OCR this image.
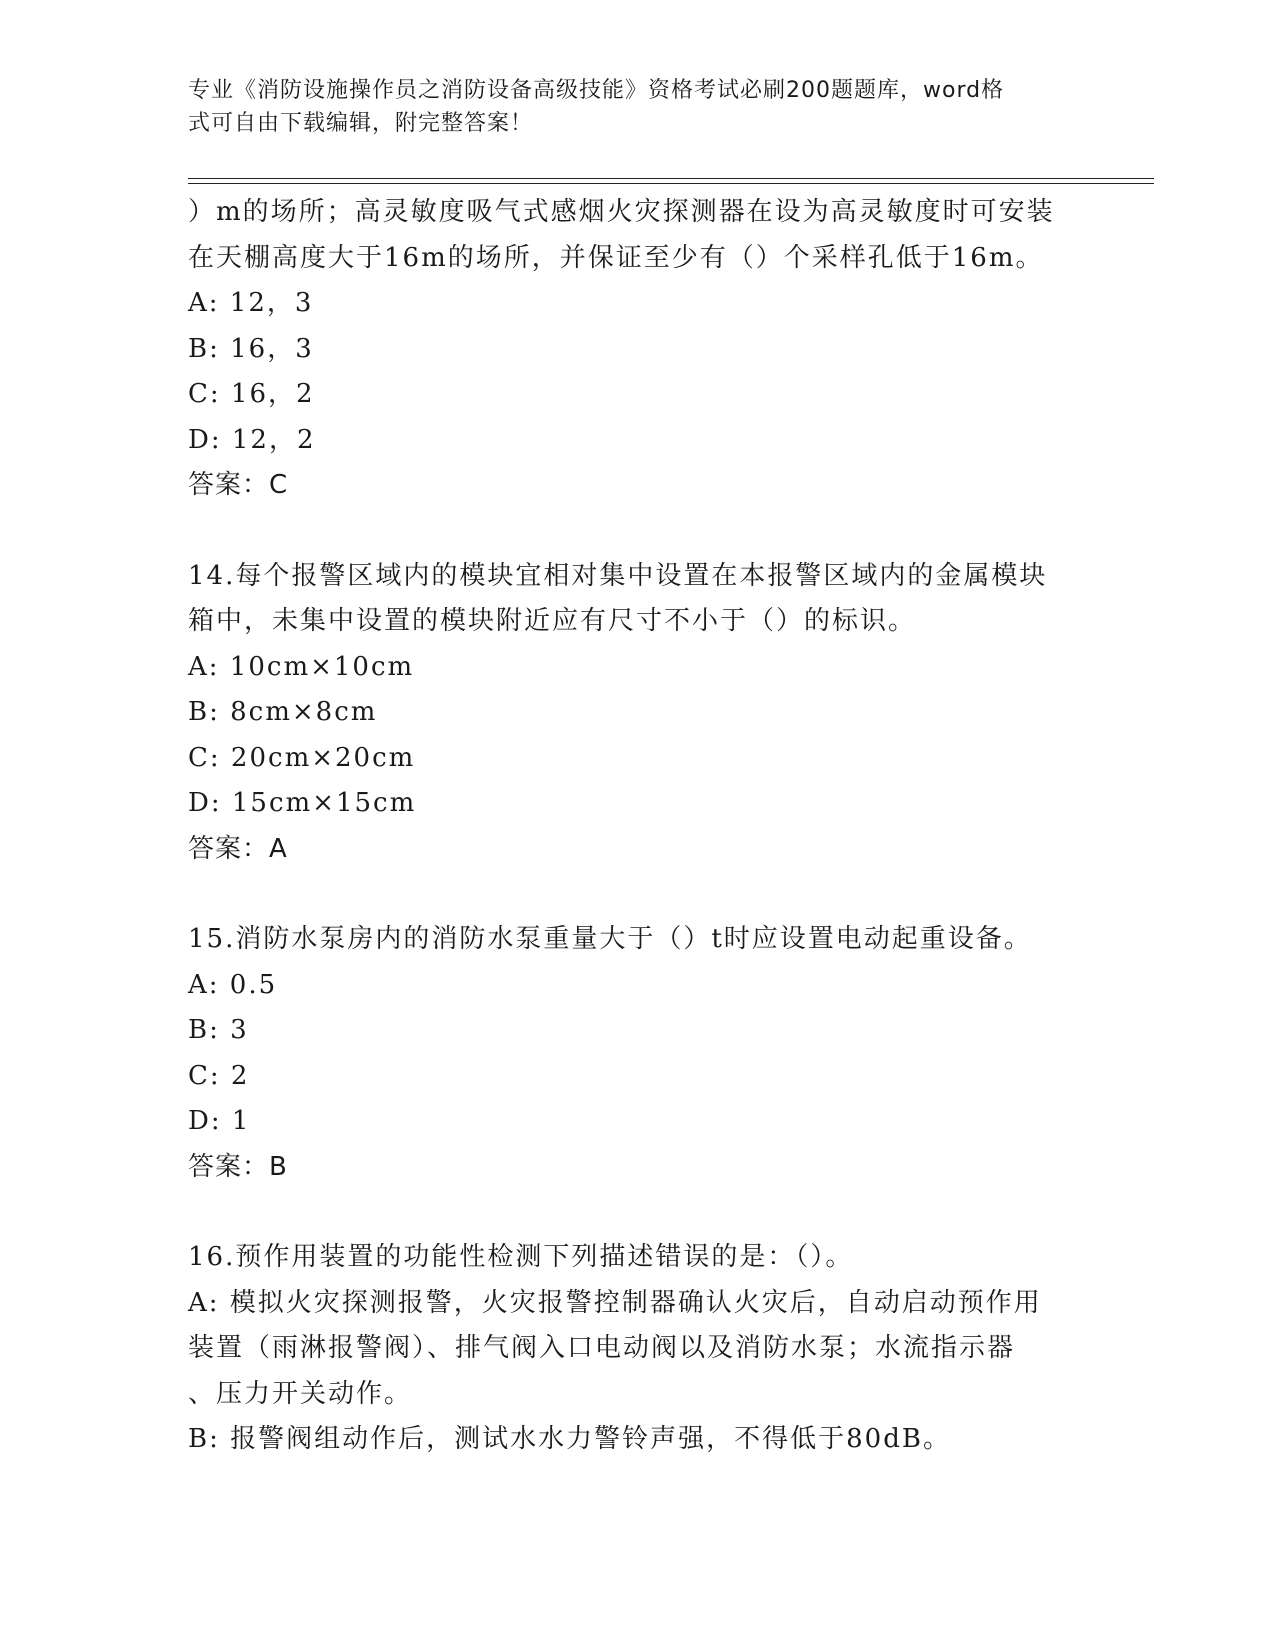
专业《消防设施操作员之消防设备高级技能》资格考试必刷200题题库，word格
式可自由下载编辑，附完整答案！
）m的场所；高灵敏度吸气式感烟火灾探测器在设为高灵敏度时可安装
在天棚高度大于16m的场所，并保证至少有（）个采样孔低于16m。
A: 12，3
B: 16，3
C: 16，2
D: 12，2
答案：C
14.每个报警区域内的模块宜相对集中设置在本报警区域内的金属模块
箱中，未集中设置的模块附近应有尺寸不小于（）的标识。
A: 10cm×10cm
B: 8cm×8cm
C: 20cm×20cm
D: 15cm×15cm
答案：A
15.消防水泵房内的消防水泵重量大于（）t时应设置电动起重设备。
A: 0.5
B: 3
C: 2
D: 1
答案：B
16.预作用装置的功能性检测下列描述错误的是：（）。
A: 模拟火灾探测报警，火灾报警控制器确认火灾后，自动启动预作用
装置（雨淋报警阀）、排气阀入口电动阀以及消防水泵；水流指示器
、压力开关动作。
B: 报警阀组动作后，测试水水力警铃声强，不得低于80dB。
